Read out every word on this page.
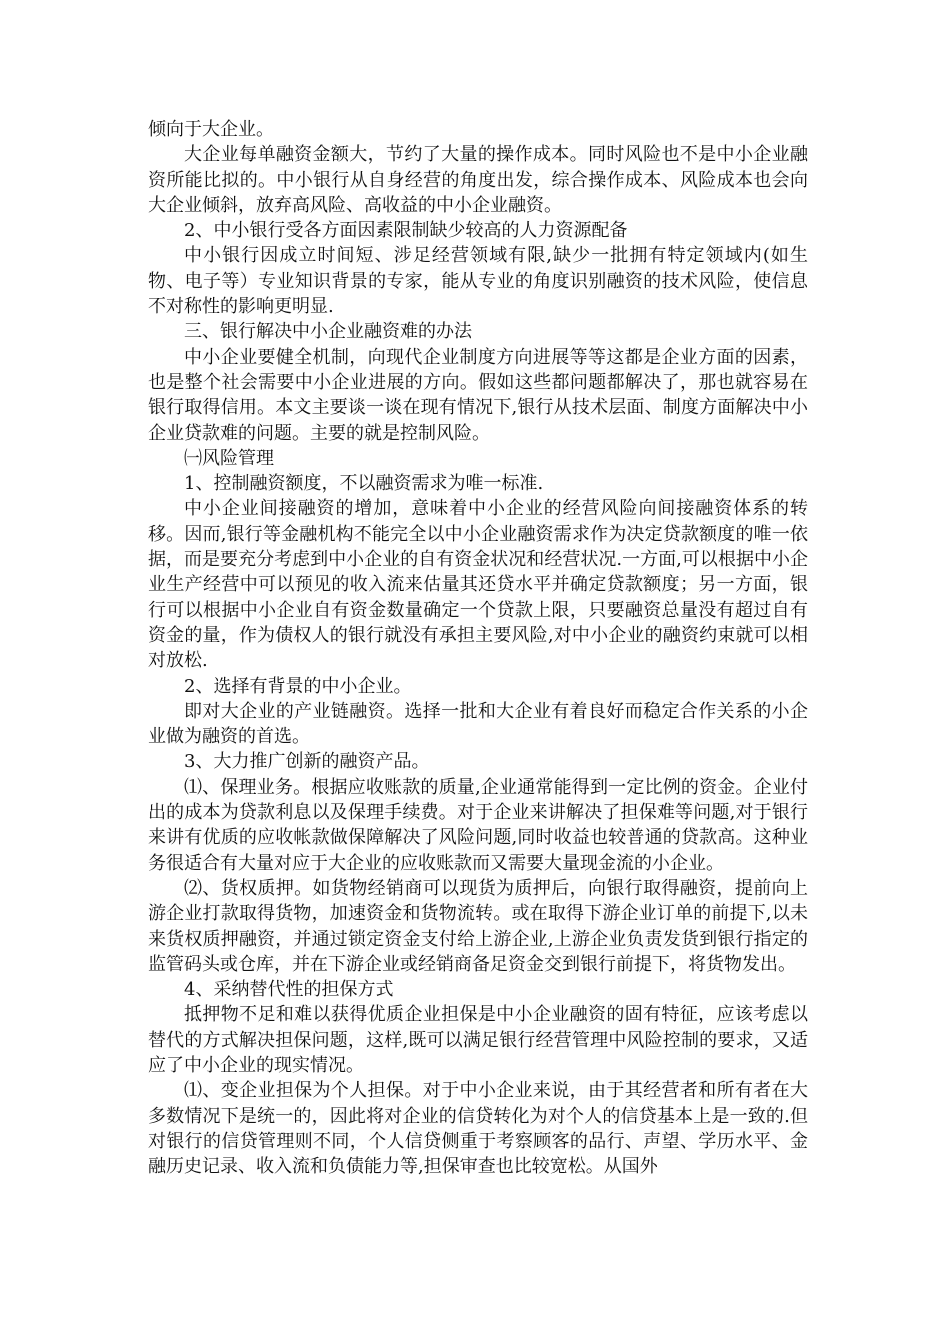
倾向于大企业。

大企业每单融资金额大，节约了大量的操作成本。同时风险也不是中小企业融资所能比拟的。中小银行从自身经营的角度出发，综合操作成本、风险成本也会向大企业倾斜，放弃高风险、高收益的中小企业融资。

2、中小银行受各方面因素限制缺少较高的人力资源配备

中小银行因成立时间短、涉足经营领域有限,缺少一批拥有特定领域内(如生物、电子等）专业知识背景的专家，能从专业的角度识别融资的技术风险，使信息不对称性的影响更明显.

三、银行解决中小企业融资难的办法

中小企业要健全机制，向现代企业制度方向进展等等这都是企业方面的因素，也是整个社会需要中小企业进展的方向。假如这些都问题都解决了，那也就容易在银行取得信用。本文主要谈一谈在现有情况下,银行从技术层面、制度方面解决中小企业贷款难的问题。主要的就是控制风险。

㈠风险管理

1、控制融资额度，不以融资需求为唯一标准.

中小企业间接融资的增加，意味着中小企业的经营风险向间接融资体系的转移。因而,银行等金融机构不能完全以中小企业融资需求作为决定贷款额度的唯一依据，而是要充分考虑到中小企业的自有资金状况和经营状况.一方面,可以根据中小企业生产经营中可以预见的收入流来估量其还贷水平并确定贷款额度；另一方面，银行可以根据中小企业自有资金数量确定一个贷款上限，只要融资总量没有超过自有资金的量，作为债权人的银行就没有承担主要风险,对中小企业的融资约束就可以相对放松.

2、选择有背景的中小企业。

即对大企业的产业链融资。选择一批和大企业有着良好而稳定合作关系的小企业做为融资的首选。

3、大力推广创新的融资产品。

⑴、保理业务。根据应收账款的质量,企业通常能得到一定比例的资金。企业付出的成本为贷款利息以及保理手续费。对于企业来讲解决了担保难等问题,对于银行来讲有优质的应收帐款做保障解决了风险问题,同时收益也较普通的贷款高。这种业务很适合有大量对应于大企业的应收账款而又需要大量现金流的小企业。

⑵、货权质押。如货物经销商可以现货为质押后，向银行取得融资，提前向上游企业打款取得货物，加速资金和货物流转。或在取得下游企业订单的前提下,以未来货权质押融资，并通过锁定资金支付给上游企业,上游企业负责发货到银行指定的监管码头或仓库，并在下游企业或经销商备足资金交到银行前提下，将货物发出。

4、采纳替代性的担保方式

抵押物不足和难以获得优质企业担保是中小企业融资的固有特征，应该考虑以替代的方式解决担保问题，这样,既可以满足银行经营管理中风险控制的要求，又适应了中小企业的现实情况。

⑴、变企业担保为个人担保。对于中小企业来说，由于其经营者和所有者在大多数情况下是统一的，因此将对企业的信贷转化为对个人的信贷基本上是一致的.但对银行的信贷管理则不同，个人信贷侧重于考察顾客的品行、声望、学历水平、金融历史记录、收入流和负债能力等,担保审查也比较宽松。从国外
